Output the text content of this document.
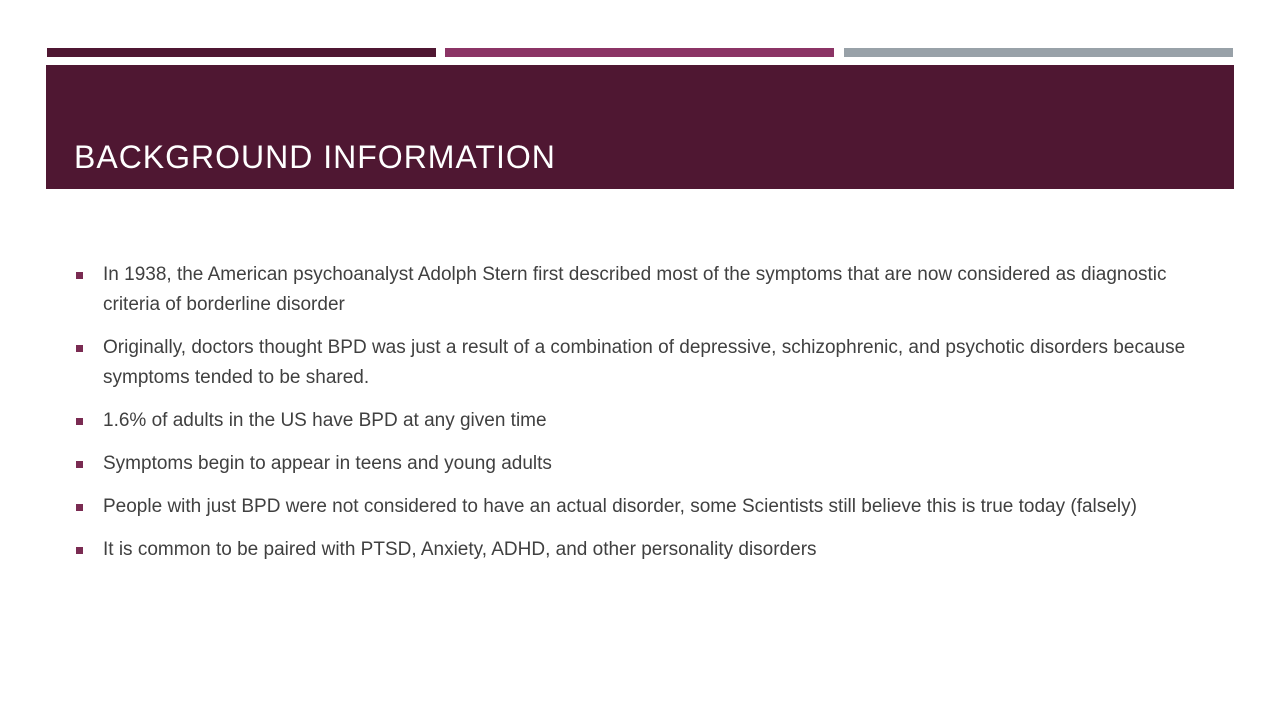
BACKGROUND INFORMATION
In 1938, the American psychoanalyst Adolph Stern first described most of the symptoms that are now considered as diagnostic criteria of borderline disorder
Originally, doctors thought BPD was just a result of a combination of depressive, schizophrenic, and psychotic disorders because symptoms tended to be shared.
1.6% of adults in the US have BPD at any given time
Symptoms begin to appear in teens and young adults
People with just BPD were not considered to have an actual disorder, some Scientists still believe this is true today (falsely)
It is common to be paired with PTSD, Anxiety, ADHD, and other personality disorders
